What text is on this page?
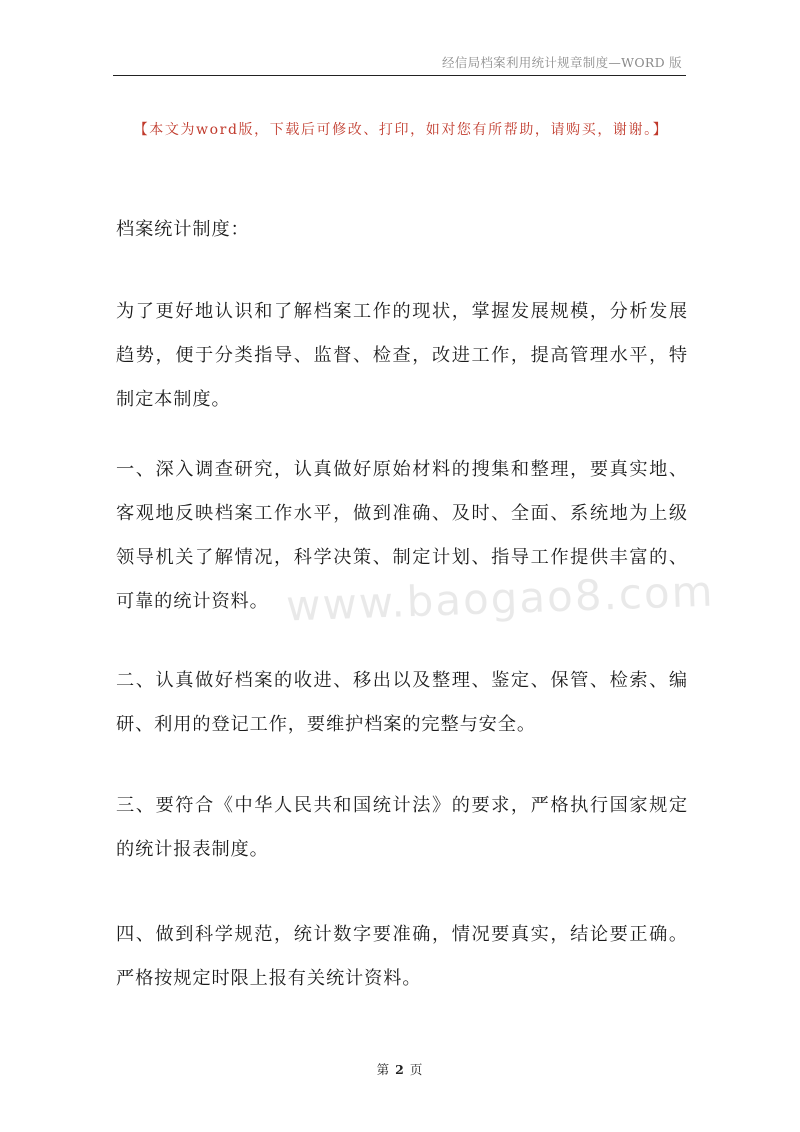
经信局档案利用统计规章制度—WORD 版
【本文为word版，下载后可修改、打印，如对您有所帮助，请购买，谢谢。】

档案统计制度：

为了更好地认识和了解档案工作的现状，掌握发展规模，分析发展趋势，便于分类指导、监督、检查，改进工作，提高管理水平，特制定本制度。

一、深入调查研究，认真做好原始材料的搜集和整理，要真实地、客观地反映档案工作水平，做到准确、及时、全面、系统地为上级领导机关了解情况，科学决策、制定计划、指导工作提供丰富的、可靠的统计资料。

二、认真做好档案的收进、移出以及整理、鉴定、保管、检索、编研、利用的登记工作，要维护档案的完整与安全。

三、要符合《中华人民共和国统计法》的要求，严格执行国家规定的统计报表制度。

四、做到科学规范，统计数字要准确，情况要真实，结论要正确。严格按规定时限上报有关统计资料。

www.baogao8.com
第 2 页
